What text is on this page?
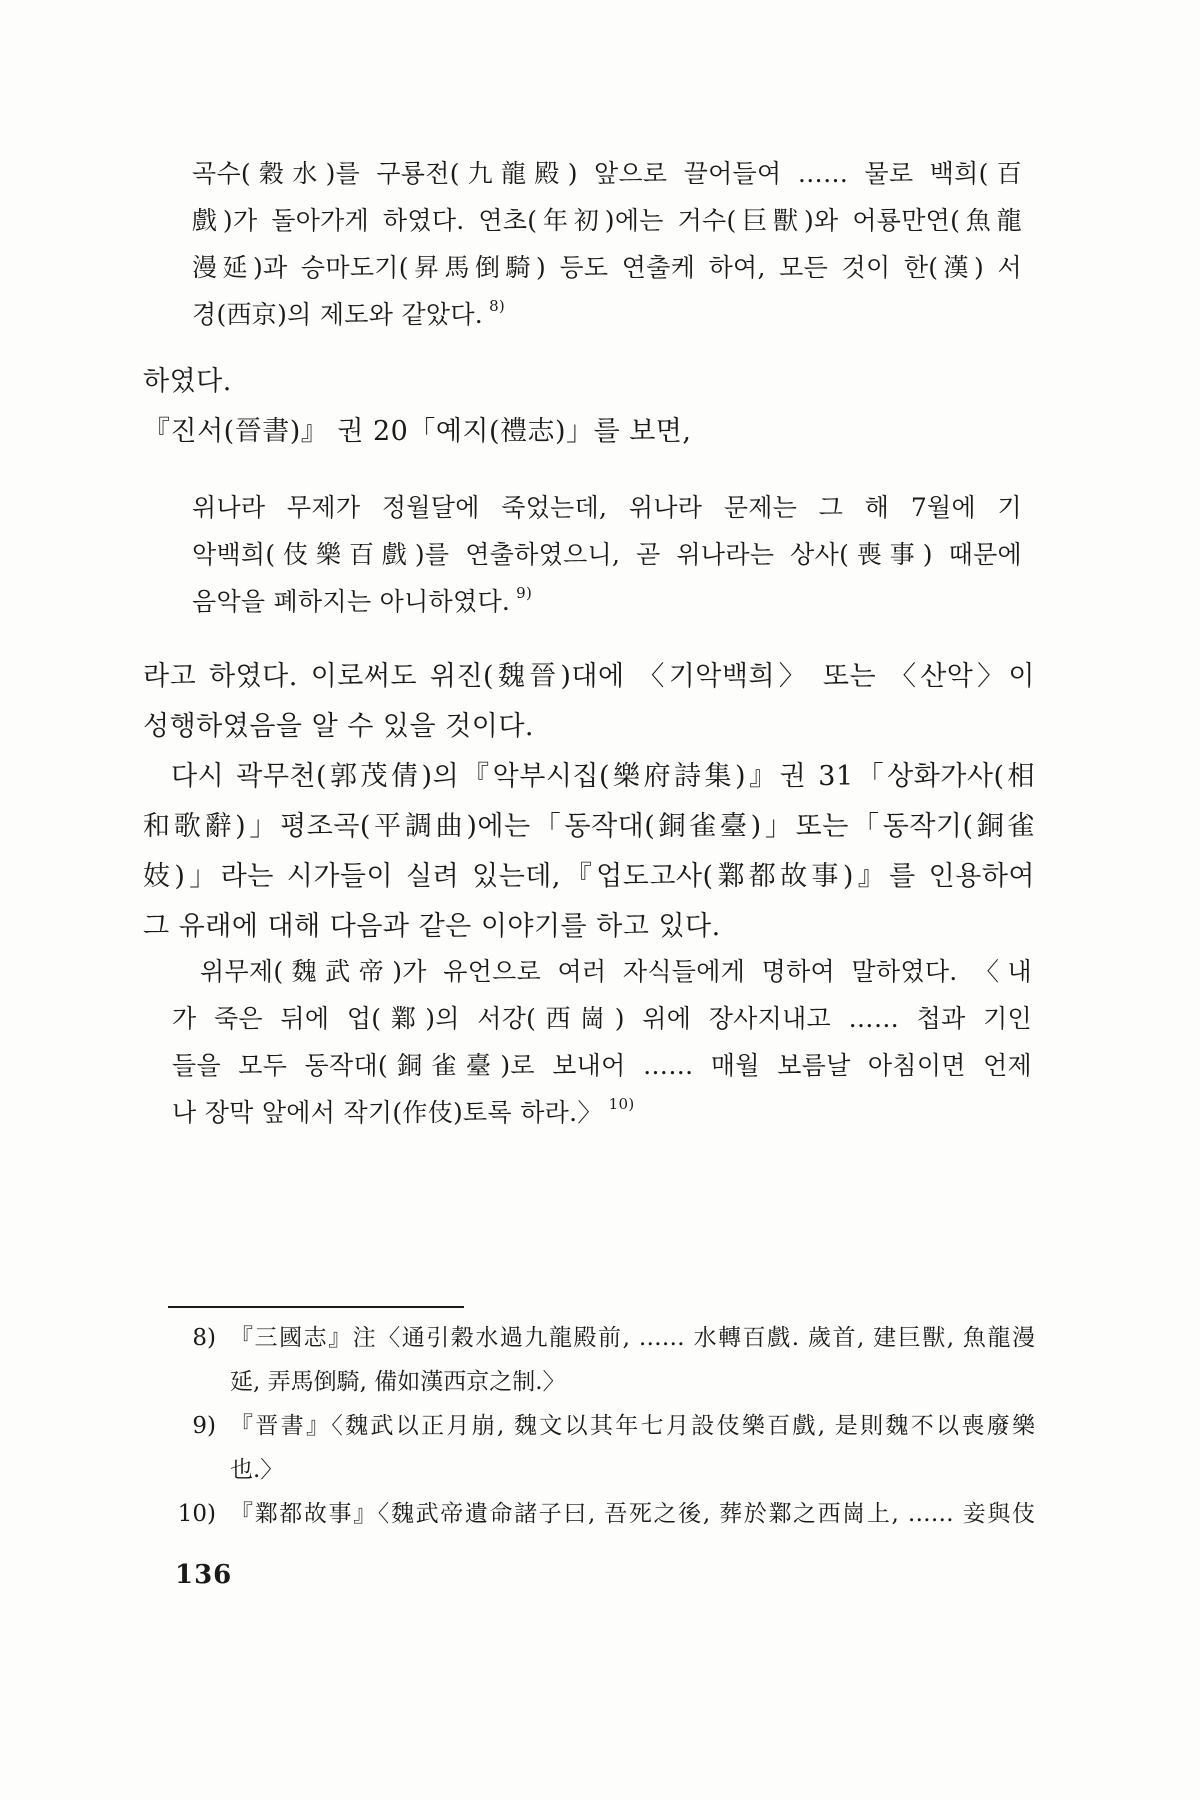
곡수(穀水)를 구룡전(九龍殿) 앞으로 끌어들여 …… 물로 백희(百
戲)가 돌아가게 하였다. 연초(年初)에는 거수(巨獸)와 어룡만연(魚龍
漫延)과 승마도기(昇馬倒騎) 등도 연출케 하여, 모든 것이 한(漢) 서
경(西京)의 제도와 같았다. $^{8)}$
하였다.
『진서(晉書)』 권 20「예지(禮志)」를 보면,
위나라 무제가 정월달에 죽었는데, 위나라 문제는 그 해 7월에 기
악백희(伎樂百戲)를 연출하였으니, 곧 위나라는 상사(喪事) 때문에
음악을 폐하지는 아니하였다. $^{9)}$
라고 하였다. 이로써도 위진(魏晉)대에 〈기악백희〉 또는 〈산악〉이
성행하였음을 알 수 있을 것이다.
다시 곽무천(郭茂倩)의『악부시집(樂府詩集)』권 31「상화가사(相
和歌辭)」평조곡(平調曲)에는「동작대(銅雀臺)」또는「동작기(銅雀
妓)」라는 시가들이 실려 있는데,『업도고사(鄴都故事)』를 인용하여
그 유래에 대해 다음과 같은 이야기를 하고 있다.
위무제(魏武帝)가 유언으로 여러 자식들에게 명하여 말하였다. 〈내
가 죽은 뒤에 업(鄴)의 서강(西崗) 위에 장사지내고 …… 첩과 기인
들을 모두 동작대(銅雀臺)로 보내어 …… 매월 보름날 아침이면 언제
나 장막 앞에서 작기(作伎)토록 하라.〉 $^{10)}$
8) 『三國志』注〈通引穀水過九龍殿前, …… 水轉百戲. 歲首, 建巨獸, 魚龍漫
延, 弄馬倒騎, 備如漢西京之制.〉
9) 『晋書』〈魏武以正月崩, 魏文以其年七月設伎樂百戲, 是則魏不以喪廢樂
也.〉
10) 『鄴都故事』〈魏武帝遺命諸子曰, 吾死之後, 葬於鄴之西崗上, …… 妾與伎
136
